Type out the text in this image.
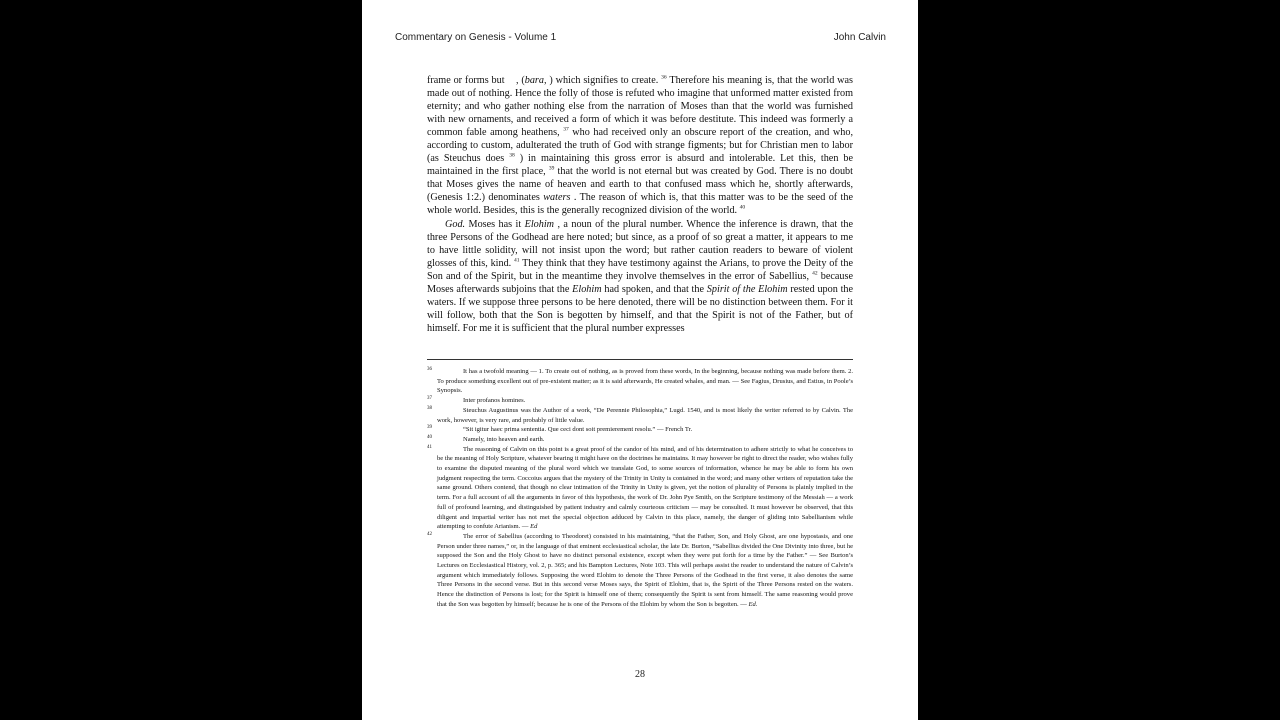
Commentary on Genesis - Volume 1	John Calvin

frame or forms but , (bara, ) which signifies to create. $^{36}$ Therefore his meaning is, that the world was made out of nothing. Hence the folly of those is refuted who imagine that unformed matter existed from eternity; and who gather nothing else from the narration of Moses than that the world was furnished with new ornaments, and received a form of which it was before destitute. This indeed was formerly a common fable among heathens, $^{37}$ who had received only an obscure report of the creation, and who, according to custom, adulterated the truth of God with strange figments; but for Christian men to labor (as Steuchus does $^{38}$ ) in maintaining this gross error is absurd and intolerable. Let this, then be maintained in the first place, $^{39}$ that the world is not eternal but was created by God. There is no doubt that Moses gives the name of heaven and earth to that confused mass which he, shortly afterwards, (Genesis 1:2.) denominates waters . The reason of which is, that this matter was to be the seed of the whole world. Besides, this is the generally recognized division of the world. $^{40}$

God. Moses has it Elohim , a noun of the plural number. Whence the inference is drawn, that the three Persons of the Godhead are here noted; but since, as a proof of so great a matter, it appears to me to have little solidity, will not insist upon the word; but rather caution readers to beware of violent glosses of this, kind. $^{41}$ They think that they have testimony against the Arians, to prove the Deity of the Son and of the Spirit, but in the meantime they involve themselves in the error of Sabellius, $^{42}$ because Moses afterwards subjoins that the Elohim had spoken, and that the Spirit of the Elohim rested upon the waters. If we suppose three persons to be here denoted, there will be no distinction between them. For it will follow, both that the Son is begotten by himself, and that the Spirit is not of the Father, but of himself. For me it is sufficient that the plural number expresses

36	It has a twofold meaning — 1. To create out of nothing, as is proved from these words, In the beginning, because nothing was made before them. 2. To produce something excellent out of pre-existent matter; as it is said afterwards, He created whales, and man. — See Fagius, Drusius, and Estius, in Poole’s Synopsis.
37	Inter profanos homines.
38	Steuchus Augustinus was the Author of a work, “De Perennie Philosophia,” Lugd. 1540, and is most likely the writer referred to by Calvin. The work, however, is very rare, and probably of little value.
39	“Sit igitur haec prima sententia. Que ceci dont soit premierement resolu.” — French Tr.
40	Namely, into heaven and earth.
41	The reasoning of Calvin on this point is a great proof of the candor of his mind, and of his determination to adhere strictly to what he conceives to be the meaning of Holy Scripture, whatever bearing it might have on the doctrines he maintains. It may however be right to direct the reader, who wishes fully to examine the disputed meaning of the plural word which we translate God, to some sources of information, whence he may be able to form his own judgment respecting the term. Coccoius argues that the mystery of the Trinity in Unity is contained in the word; and many other writers of reputation take the same ground. Others contend, that though no clear intimation of the Trinity in Unity is given, yet the notion of plurality of Persons is plainly implied in the term. For a full account of all the arguments in favor of this hypothesis, the work of Dr. John Pye Smith, on the Scripture testimony of the Messiah — a work full of profound learning, and distinguished by patient industry and calmly courteous criticism — may be consulted. It must however be observed, that this diligent and impartial writer has not met the special objection adduced by Calvin in this place, namely, the danger of gliding into Sabellianism while attempting to confute Arianism. — Ed
42	The error of Sabellius (according to Theodoret) consisted in his maintaining, “that the Father, Son, and Holy Ghost, are one hypostasis, and one Person under three names,” or, in the language of that eminent ecclesiastical scholar, the late Dr. Burton, “Sabellius divided the One Divinity into three, but he supposed the Son and the Holy Ghost to have no distinct personal existence, except when they were put forth for a time by the Father.” — See Burton’s Lectures on Ecclesiastical History, vol. 2, p. 365; and his Bampton Lectures, Note 103. This will perhaps assist the reader to understand the nature of Calvin’s argument which immediately follows. Supposing the word Elohim to denote the Three Persons of the Godhead in the first verse, it also denotes the same Three Persons in the second verse. But in this second verse Moses says, the Spirit of Elohim, that is, the Spirit of the Three Persons rested on the waters. Hence the distinction of Persons is lost; for the Spirit is himself one of them; consequently the Spirit is sent from himself. The same reasoning would prove that the Son was begotten by himself; because he is one of the Persons of the Elohim by whom the Son is begotten. — Ed.
28
